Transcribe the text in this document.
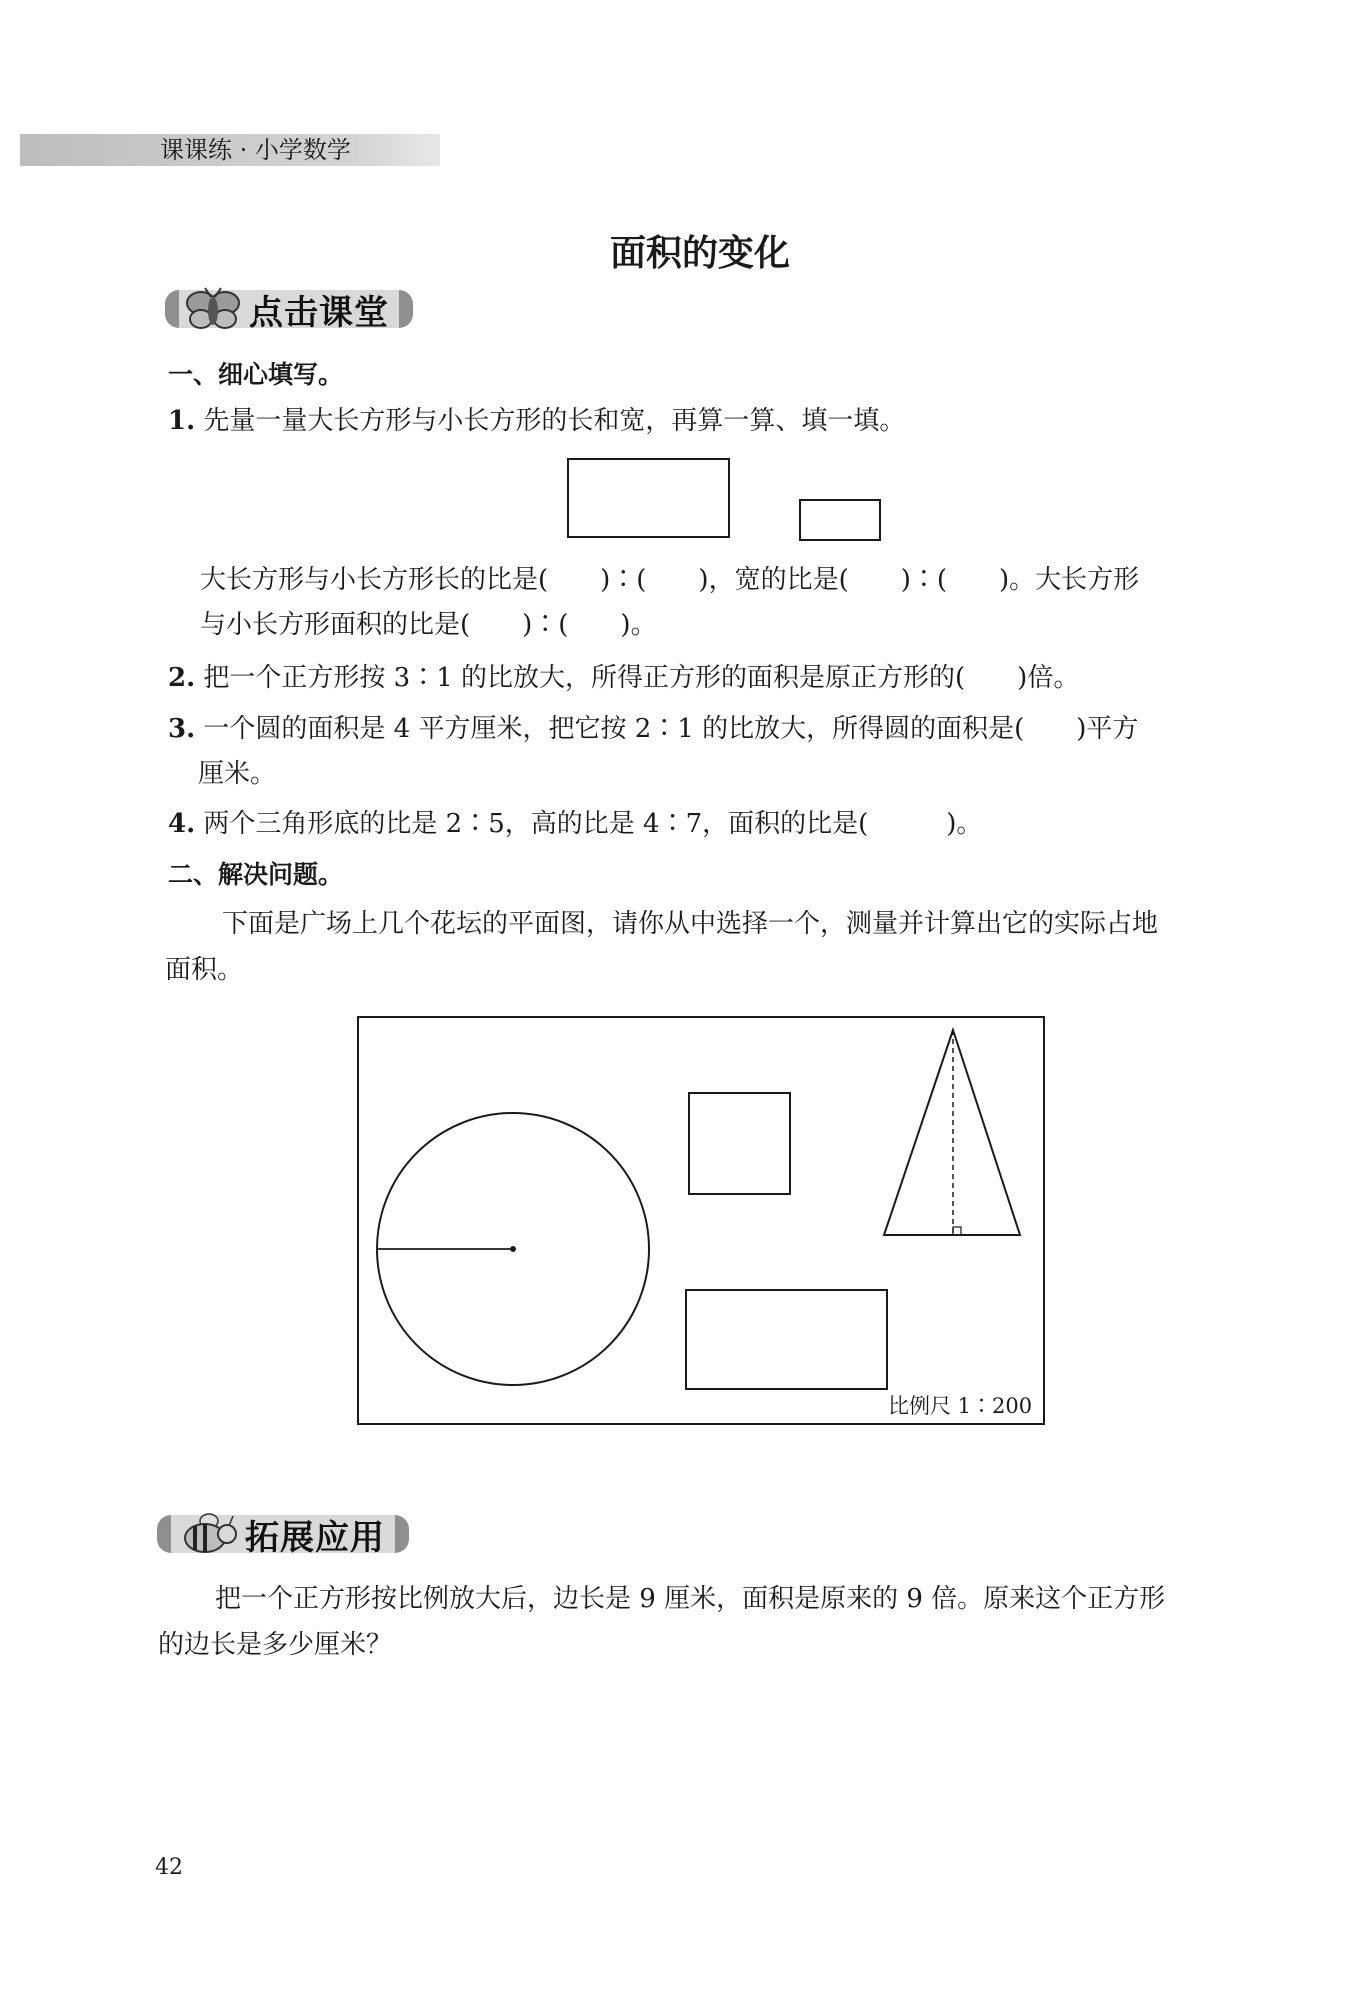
课课练 · 小学数学
面积的变化
点击课堂
一、细心填写。
1. 先量一量大长方形与小长方形的长和宽，再算一算、填一填。
大长方形与小长方形长的比是(　　)∶(　　)，宽的比是(　　)∶(　　)。大长方形
与小长方形面积的比是(　　)∶(　　)。
2. 把一个正方形按 3∶1 的比放大，所得正方形的面积是原正方形的(　　)倍。
3. 一个圆的面积是 4 平方厘米，把它按 2∶1 的比放大，所得圆的面积是(　　)平方
厘米。
4. 两个三角形底的比是 2∶5，高的比是 4∶7，面积的比是(　　　)。
二、解决问题。
下面是广场上几个花坛的平面图，请你从中选择一个，测量并计算出它的实际占地
面积。
比例尺 1∶200
拓展应用
把一个正方形按比例放大后，边长是 9 厘米，面积是原来的 9 倍。原来这个正方形
的边长是多少厘米？
42
